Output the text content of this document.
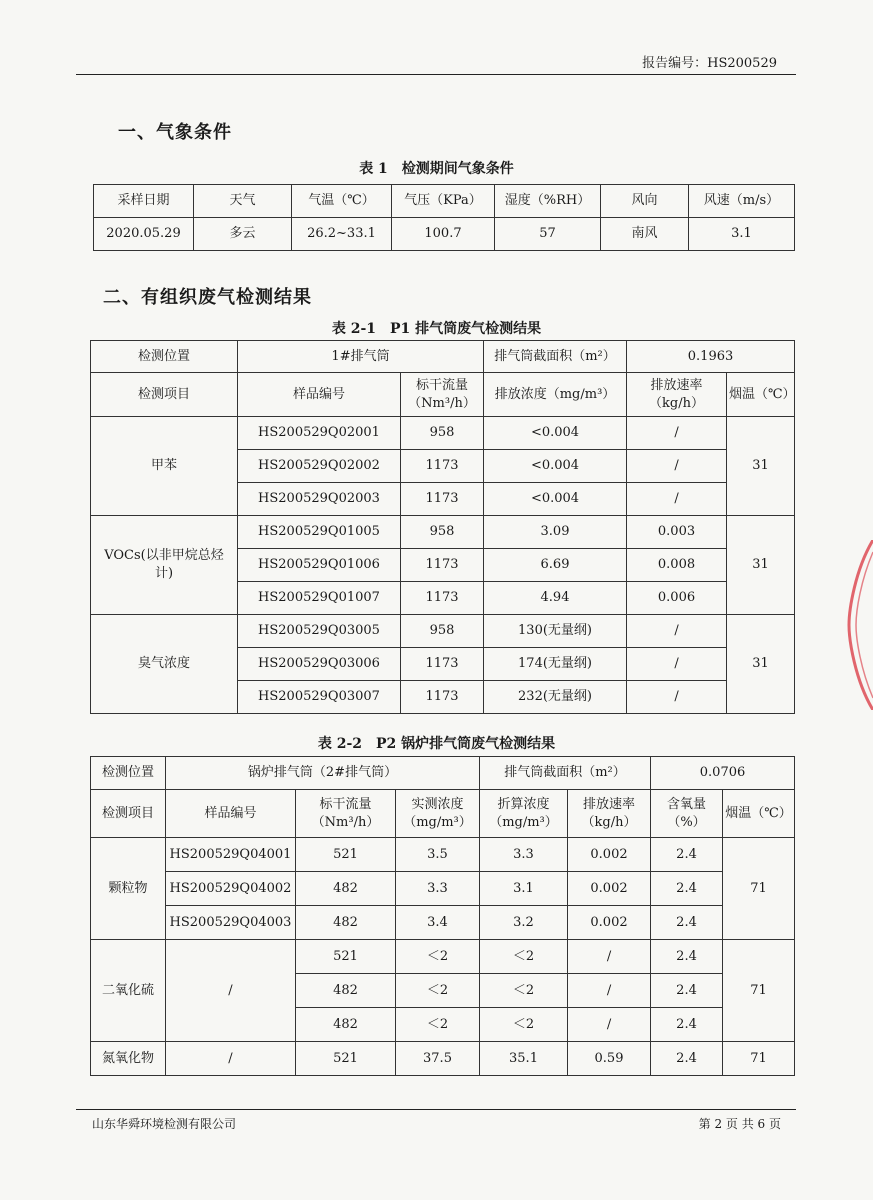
报告编号：HS200529
一、气象条件
表 1　检测期间气象条件
采样日期	天气	气温（℃）	气压（KPa）	湿度（%RH）	风向	风速（m/s）
2020.05.29	多云	26.2~33.1	100.7	57	南风	3.1
二、有组织废气检测结果
表 2-1　P1 排气筒废气检测结果
检测位置	1#排气筒		排气筒截面积（m²）	0.1963	
检测项目	样品编号	标干流量（Nm³/h）	排放浓度（mg/m³）	排放速率（kg/h）	烟温（℃）
甲苯	HS200529Q02001	958	<0.004	/	31
	HS200529Q02002	1173	<0.004	/	
	HS200529Q02003	1173	<0.004	/	
VOCs(以非甲烷总烃计)	HS200529Q01005	958	3.09	0.003	31
	HS200529Q01006	1173	6.69	0.008	
	HS200529Q01007	1173	4.94	0.006	
臭气浓度	HS200529Q03005	958	130(无量纲)	/	31
	HS200529Q03006	1173	174(无量纲)	/	
	HS200529Q03007	1173	232(无量纲)	/	
表 2-2　P2 锅炉排气筒废气检测结果
检测位置	锅炉排气筒（2#排气筒）			排气筒截面积（m²）		0.0706	
检测项目	样品编号	标干流量（Nm³/h）	实测浓度（mg/m³）	折算浓度（mg/m³）	排放速率（kg/h）	含氧量（%）	烟温（℃）
颗粒物	HS200529Q04001	521	3.5	3.3	0.002	2.4	71
	HS200529Q04002	482	3.3	3.1	0.002	2.4	
	HS200529Q04003	482	3.4	3.2	0.002	2.4	
二氧化硫	/	521	＜2	＜2	/	2.4	71
		482	＜2	＜2	/	2.4	
		482	＜2	＜2	/	2.4	
氮氧化物	/	521	37.5	35.1	0.59	2.4	71
山东华舜环境检测有限公司	第 2 页 共 6 页
